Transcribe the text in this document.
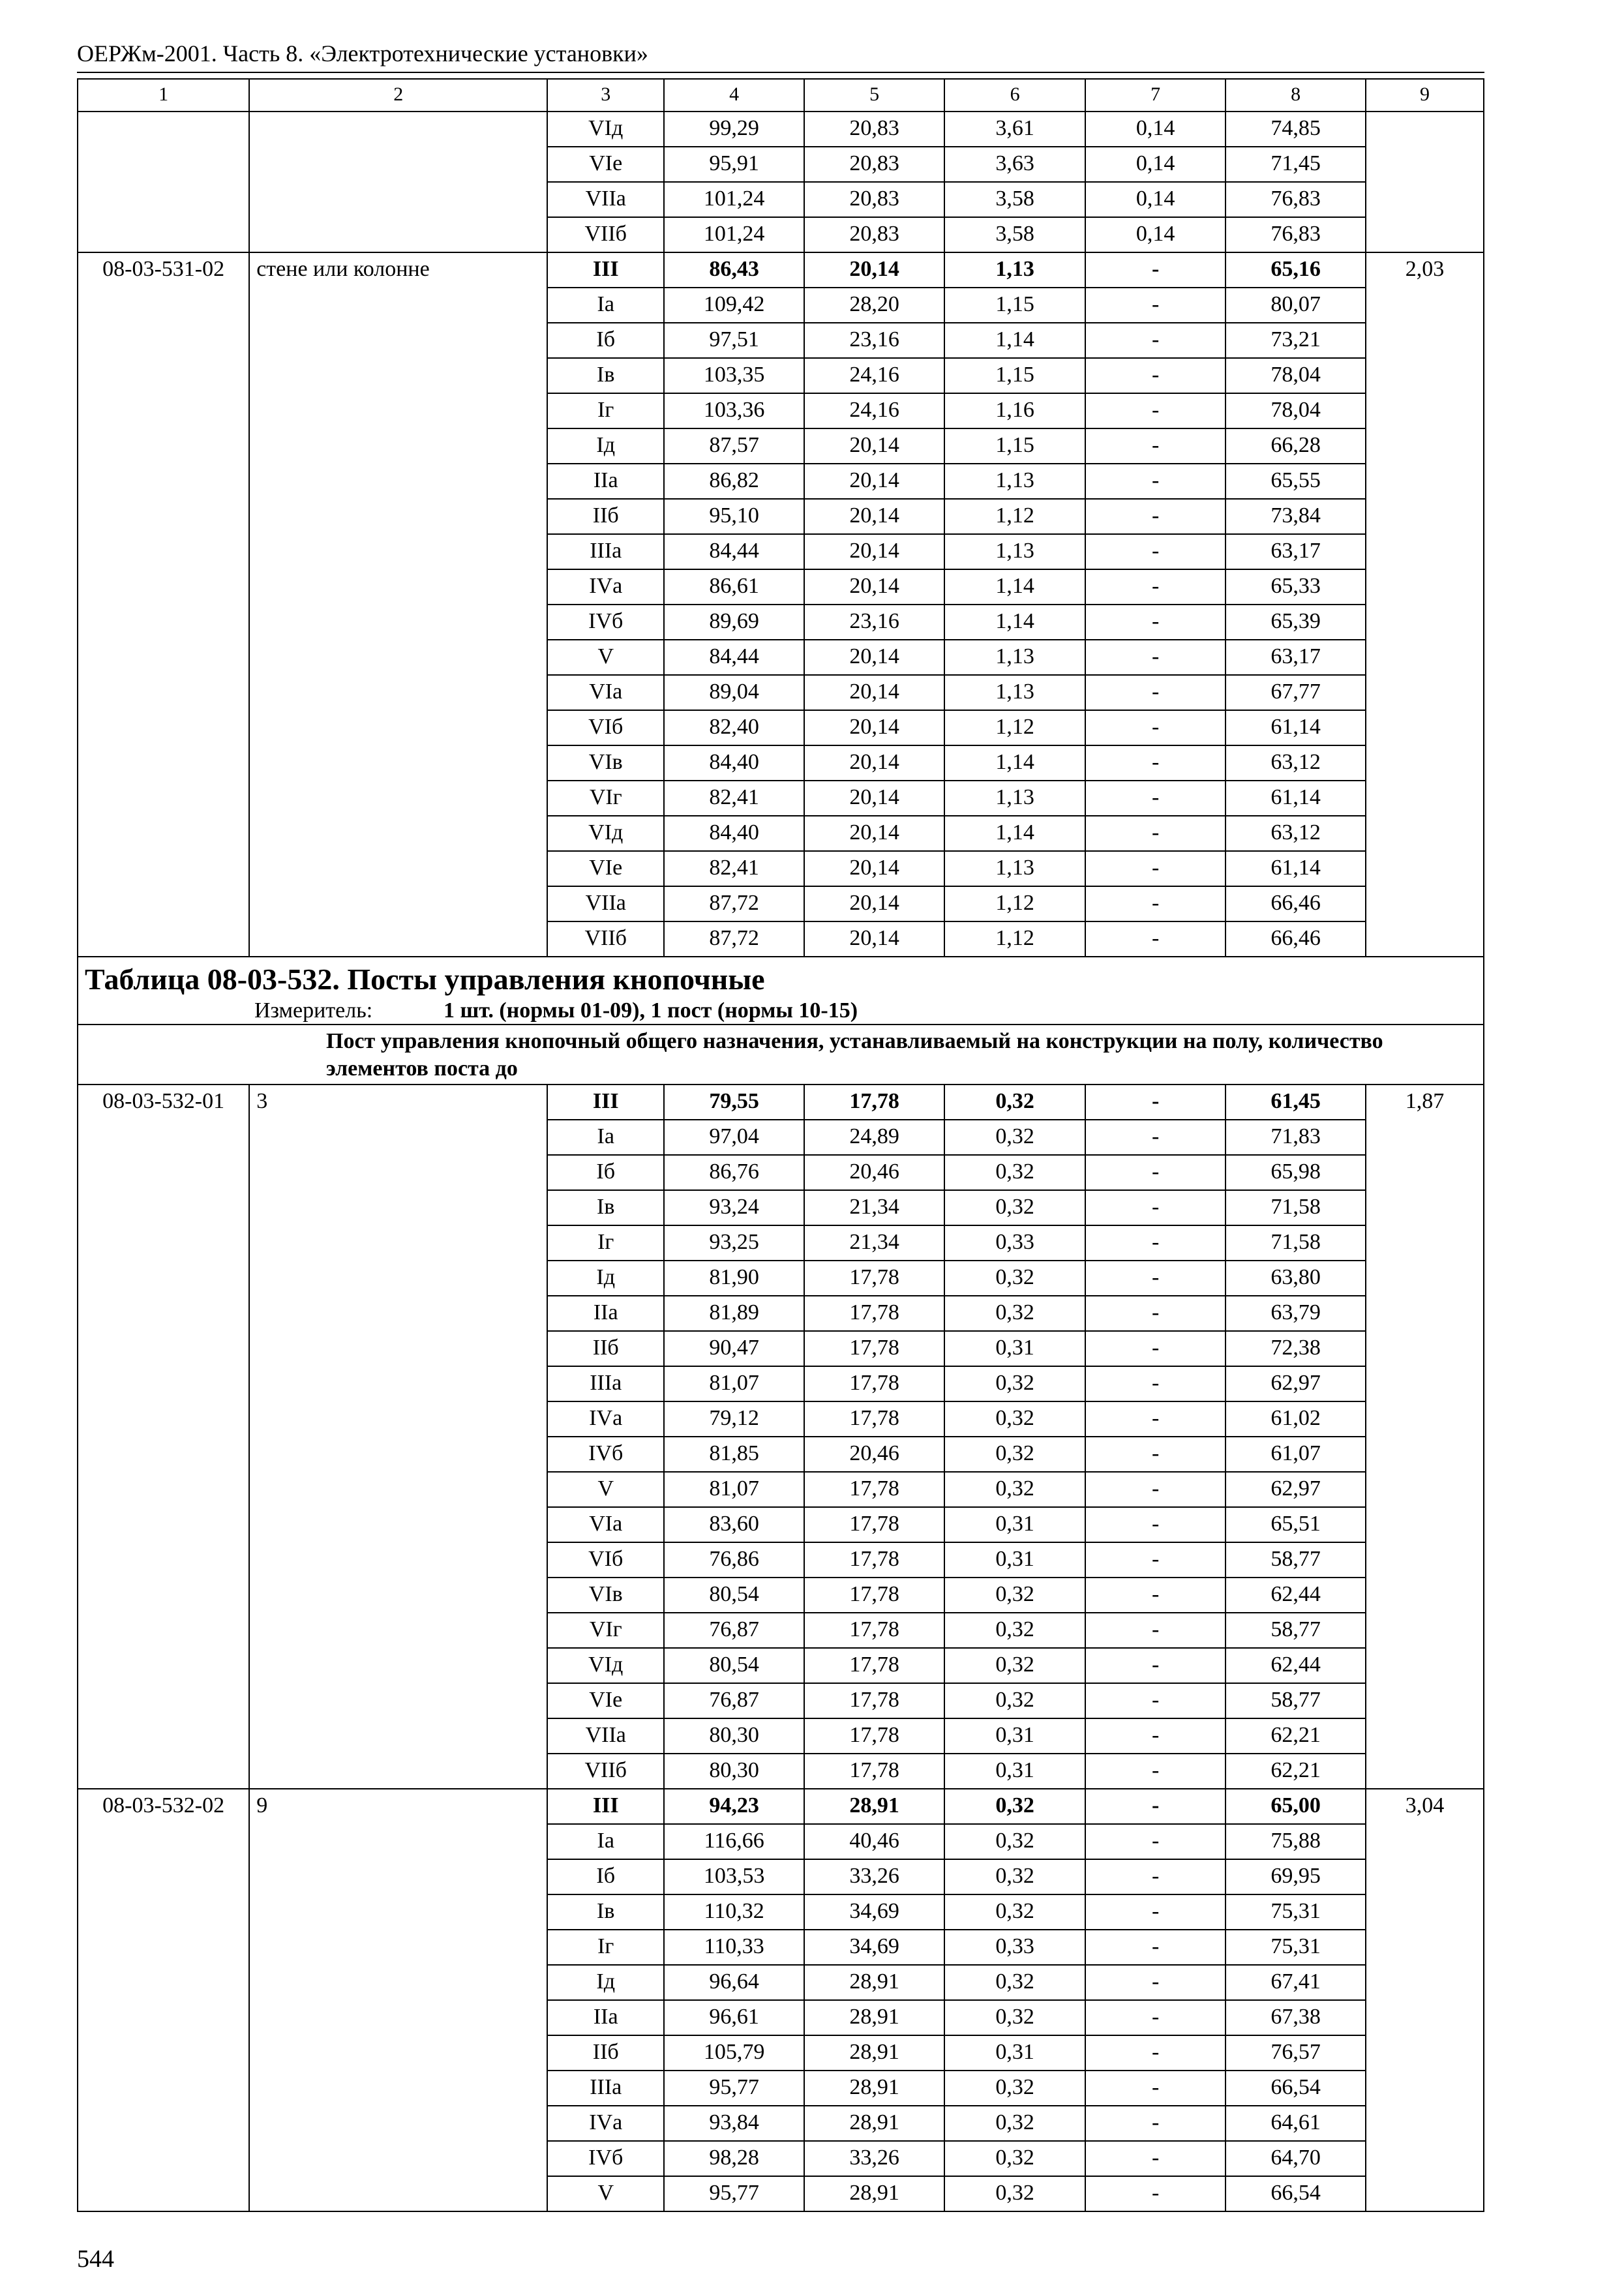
ОЕРЖм-2001. Часть 8. «Электротехнические установки»
1	2	3	4	5	6	7	8	9
		VIд	99,29	20,83	3,61	0,14	74,85	
		VIе	95,91	20,83	3,63	0,14	71,45	
		VIIа	101,24	20,83	3,58	0,14	76,83	
		VIIб	101,24	20,83	3,58	0,14	76,83	
08-03-531-02	стене или колонне	III	86,43	20,14	1,13	-	65,16	2,03
		Iа	109,42	28,20	1,15	-	80,07	
		Iб	97,51	23,16	1,14	-	73,21	
		Iв	103,35	24,16	1,15	-	78,04	
		Iг	103,36	24,16	1,16	-	78,04	
		Iд	87,57	20,14	1,15	-	66,28	
		IIа	86,82	20,14	1,13	-	65,55	
		IIб	95,10	20,14	1,12	-	73,84	
		IIIа	84,44	20,14	1,13	-	63,17	
		IVа	86,61	20,14	1,14	-	65,33	
		IVб	89,69	23,16	1,14	-	65,39	
		V	84,44	20,14	1,13	-	63,17	
		VIа	89,04	20,14	1,13	-	67,77	
		VIб	82,40	20,14	1,12	-	61,14	
		VIв	84,40	20,14	1,14	-	63,12	
		VIг	82,41	20,14	1,13	-	61,14	
		VIд	84,40	20,14	1,14	-	63,12	
		VIе	82,41	20,14	1,13	-	61,14	
		VIIа	87,72	20,14	1,12	-	66,46	
		VIIб	87,72	20,14	1,12	-	66,46	

Таблица 08-03-532. Посты управления кнопочные
Измеритель: 1 шт. (нормы 01-09), 1 пост (нормы 10-15)								

Пост управления кнопочный общего назначения, устанавливаемый на конструкции на полу, количество элементов поста до								
08-03-532-01	3	III	79,55	17,78	0,32	-	61,45	1,87
		Iа	97,04	24,89	0,32	-	71,83	
		Iб	86,76	20,46	0,32	-	65,98	
		Iв	93,24	21,34	0,32	-	71,58	
		Iг	93,25	21,34	0,33	-	71,58	
		Iд	81,90	17,78	0,32	-	63,80	
		IIа	81,89	17,78	0,32	-	63,79	
		IIб	90,47	17,78	0,31	-	72,38	
		IIIа	81,07	17,78	0,32	-	62,97	
		IVа	79,12	17,78	0,32	-	61,02	
		IVб	81,85	20,46	0,32	-	61,07	
		V	81,07	17,78	0,32	-	62,97	
		VIа	83,60	17,78	0,31	-	65,51	
		VIб	76,86	17,78	0,31	-	58,77	
		VIв	80,54	17,78	0,32	-	62,44	
		VIг	76,87	17,78	0,32	-	58,77	
		VIд	80,54	17,78	0,32	-	62,44	
		VIе	76,87	17,78	0,32	-	58,77	
		VIIа	80,30	17,78	0,31	-	62,21	
		VIIб	80,30	17,78	0,31	-	62,21	
08-03-532-02	9	III	94,23	28,91	0,32	-	65,00	3,04
		Iа	116,66	40,46	0,32	-	75,88	
		Iб	103,53	33,26	0,32	-	69,95	
		Iв	110,32	34,69	0,32	-	75,31	
		Iг	110,33	34,69	0,33	-	75,31	
		Iд	96,64	28,91	0,32	-	67,41	
		IIа	96,61	28,91	0,32	-	67,38	
		IIб	105,79	28,91	0,31	-	76,57	
		IIIа	95,77	28,91	0,32	-	66,54	
		IVа	93,84	28,91	0,32	-	64,61	
		IVб	98,28	33,26	0,32	-	64,70	
		V	95,77	28,91	0,32	-	66,54	
544
